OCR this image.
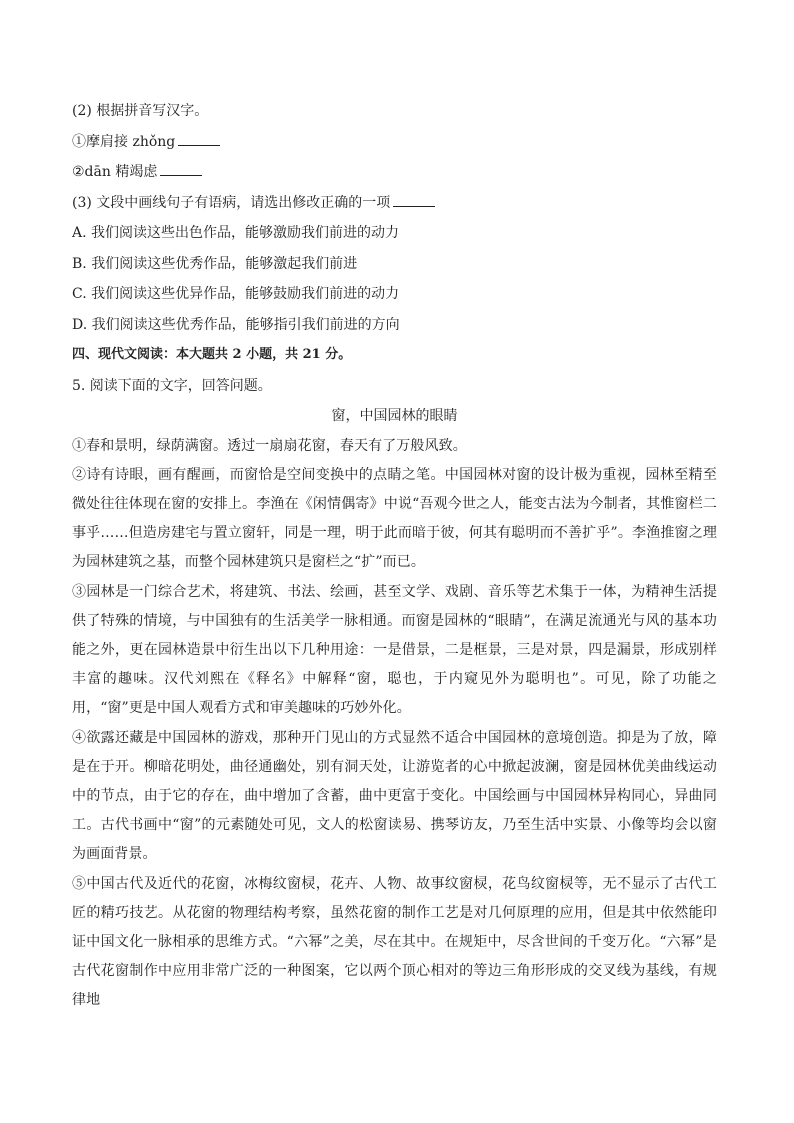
(2) 根据拼音写汉字。
①摩肩接 zhǒng
②dān 精竭虑
(3) 文段中画线句子有语病，请选出修改正确的一项
A. 我们阅读这些出色作品，能够激励我们前进的动力
B. 我们阅读这些优秀作品，能够激起我们前进
C. 我们阅读这些优异作品，能够鼓励我们前进的动力
D. 我们阅读这些优秀作品，能够指引我们前进的方向
四、现代文阅读：本大题共 2 小题，共 21 分。
5. 阅读下面的文字，回答问题。
窗，中国园林的眼睛

①春和景明，绿荫满窗。透过一扇扇花窗，春天有了万般风致。

②诗有诗眼，画有醒画，而窗恰是空间变换中的点睛之笔。中国园林对窗的设计极为重视，园林至精至微处往往体现在窗的安排上。李渔在《闲情偶寄》中说“吾观今世之人，能变古法为今制者，其惟窗栏二事乎……但造房建宅与置立窗轩，同是一理，明于此而暗于彼，何其有聪明而不善扩乎”。李渔推窗之理为园林建筑之基，而整个园林建筑只是窗栏之“扩”而已。

③园林是一门综合艺术，将建筑、书法、绘画，甚至文学、戏剧、音乐等艺术集于一体，为精神生活提供了特殊的情境，与中国独有的生活美学一脉相通。而窗是园林的“眼睛”，在满足流通光与风的基本功能之外，更在园林造景中衍生出以下几种用途：一是借景，二是框景，三是对景，四是漏景，形成别样丰富的趣味。汉代刘熙在《释名》中解释“窗，聪也，于内窥见外为聪明也”。可见，除了功能之用，“窗”更是中国人观看方式和审美趣味的巧妙外化。

④欲露还藏是中国园林的游戏，那种开门见山的方式显然不适合中国园林的意境创造。抑是为了放，障是在于开。柳暗花明处，曲径通幽处，别有洞天处，让游览者的心中掀起波澜，窗是园林优美曲线运动中的节点，由于它的存在，曲中增加了含蓄，曲中更富于变化。中国绘画与中国园林异构同心，异曲同工。古代书画中“窗”的元素随处可见，文人的松窗读易、携琴访友，乃至生活中实景、小像等均会以窗为画面背景。

⑤中国古代及近代的花窗，冰梅纹窗棂，花卉、人物、故事纹窗棂，花鸟纹窗棂等，无不显示了古代工匠的精巧技艺。从花窗的物理结构考察，虽然花窗的制作工艺是对几何原理的应用，但是其中依然能印证中国文化一脉相承的思维方式。“六幂”之美，尽在其中。在规矩中，尽含世间的千变万化。“六幂”是古代花窗制作中应用非常广泛的一种图案，它以两个顶心相对的等边三角形形成的交叉线为基线，有规律地
